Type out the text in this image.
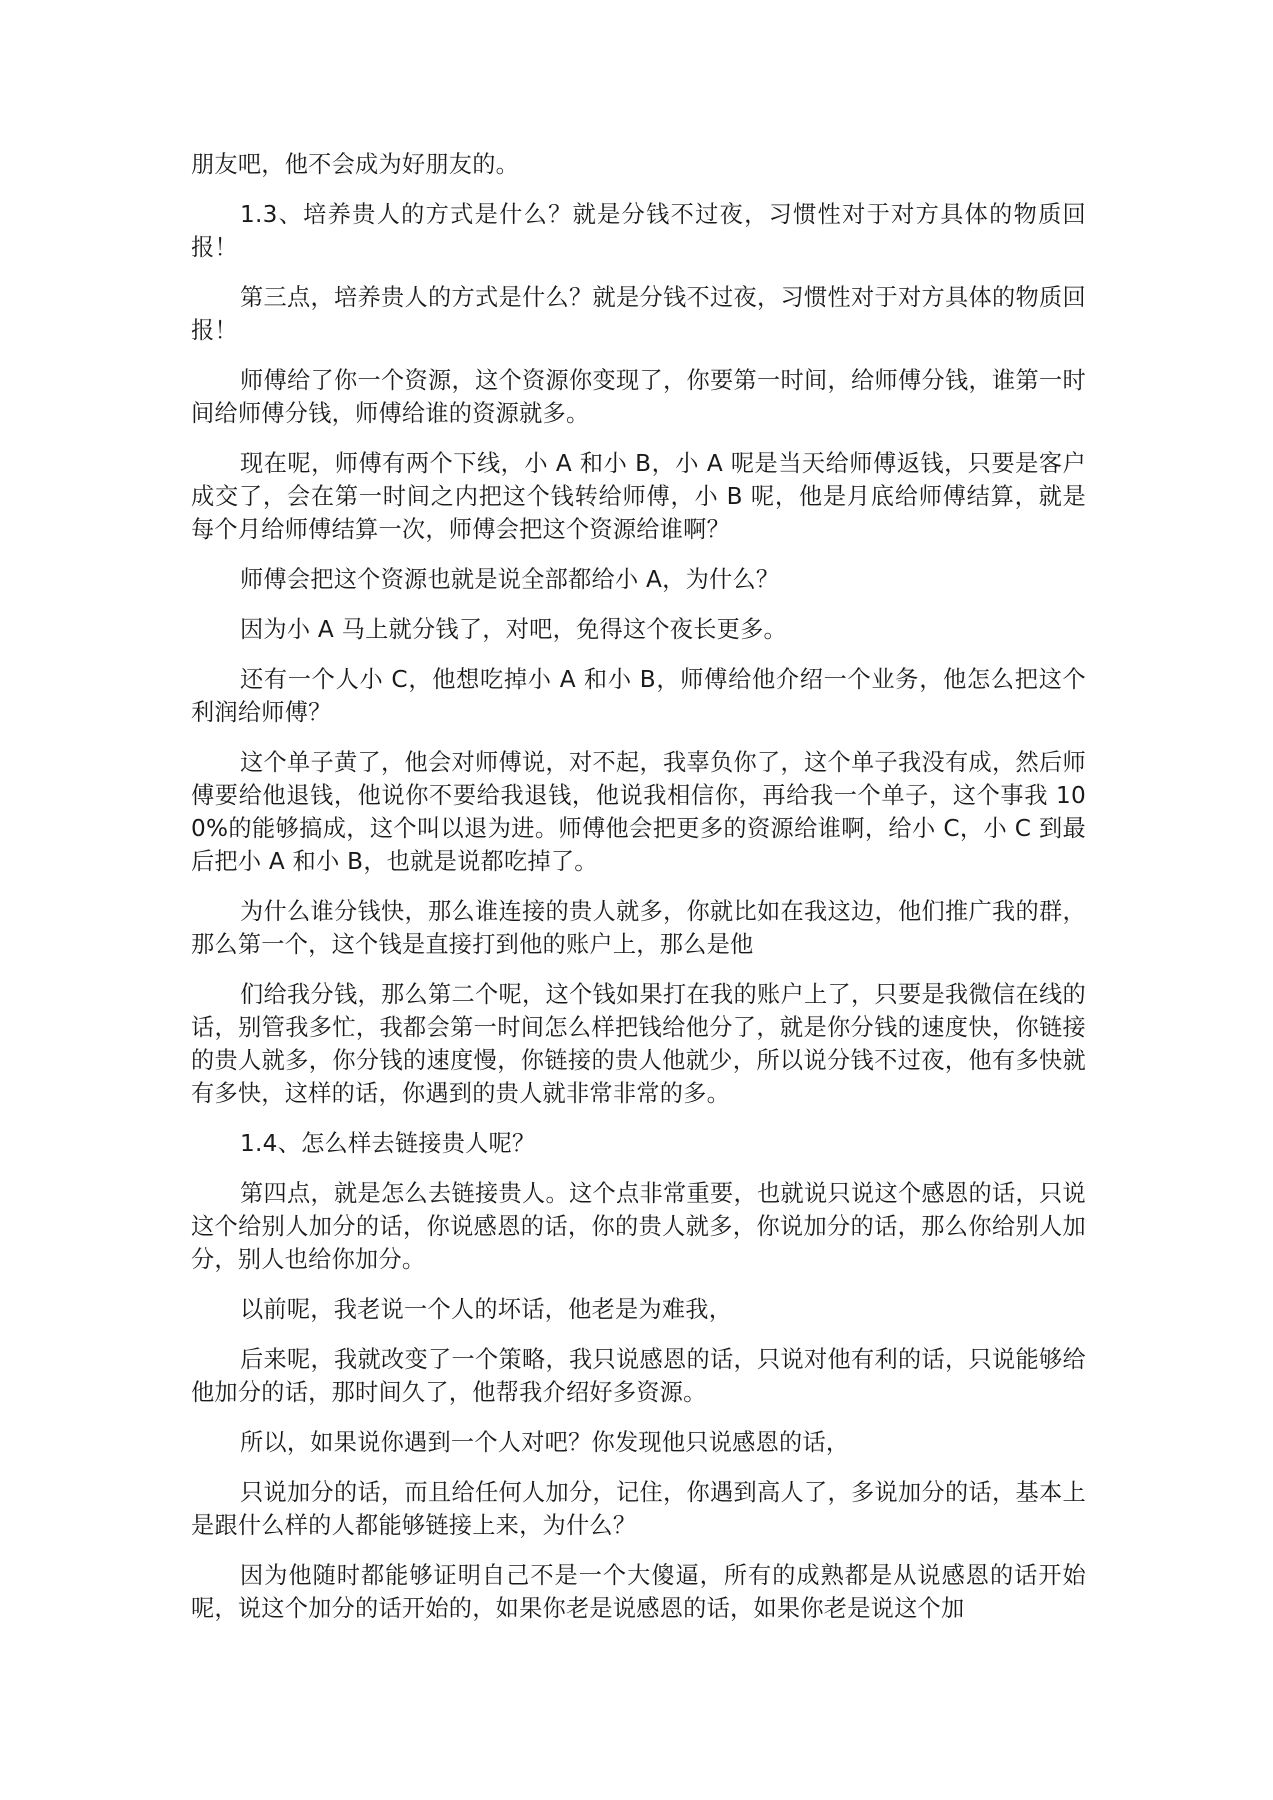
朋友吧，他不会成为好朋友的。

1.3、培养贵人的方式是什么？就是分钱不过夜，习惯性对于对方具体的物质回报！

第三点，培养贵人的方式是什么？就是分钱不过夜，习惯性对于对方具体的物质回报！

师傅给了你一个资源，这个资源你变现了，你要第一时间，给师傅分钱，谁第一时间给师傅分钱，师傅给谁的资源就多。

现在呢，师傅有两个下线，小 A 和小 B，小 A 呢是当天给师傅返钱，只要是客户成交了，会在第一时间之内把这个钱转给师傅，小 B 呢，他是月底给师傅结算，就是每个月给师傅结算一次，师傅会把这个资源给谁啊？

师傅会把这个资源也就是说全部都给小 A，为什么？

因为小 A 马上就分钱了，对吧，免得这个夜长更多。

还有一个人小 C，他想吃掉小 A 和小 B，师傅给他介绍一个业务，他怎么把这个利润给师傅？

这个单子黄了，他会对师傅说，对不起，我辜负你了，这个单子我没有成，然后师傅要给他退钱，他说你不要给我退钱，他说我相信你，再给我一个单子，这个事我 100%的能够搞成，这个叫以退为进。师傅他会把更多的资源给谁啊，给小 C，小 C 到最后把小 A 和小 B，也就是说都吃掉了。

为什么谁分钱快，那么谁连接的贵人就多，你就比如在我这边，他们推广我的群，那么第一个，这个钱是直接打到他的账户上，那么是他

们给我分钱，那么第二个呢，这个钱如果打在我的账户上了，只要是我微信在线的话，别管我多忙，我都会第一时间怎么样把钱给他分了，就是你分钱的速度快，你链接的贵人就多，你分钱的速度慢，你链接的贵人他就少，所以说分钱不过夜，他有多快就有多快，这样的话，你遇到的贵人就非常非常的多。

1.4、怎么样去链接贵人呢？

第四点，就是怎么去链接贵人。这个点非常重要，也就说只说这个感恩的话，只说这个给别人加分的话，你说感恩的话，你的贵人就多，你说加分的话，那么你给别人加分，别人也给你加分。

以前呢，我老说一个人的坏话，他老是为难我，

后来呢，我就改变了一个策略，我只说感恩的话，只说对他有利的话，只说能够给他加分的话，那时间久了，他帮我介绍好多资源。

所以，如果说你遇到一个人对吧？你发现他只说感恩的话，

只说加分的话，而且给任何人加分，记住，你遇到高人了，多说加分的话，基本上是跟什么样的人都能够链接上来，为什么？

因为他随时都能够证明自己不是一个大傻逼，所有的成熟都是从说感恩的话开始呢，说这个加分的话开始的，如果你老是说感恩的话，如果你老是说这个加
